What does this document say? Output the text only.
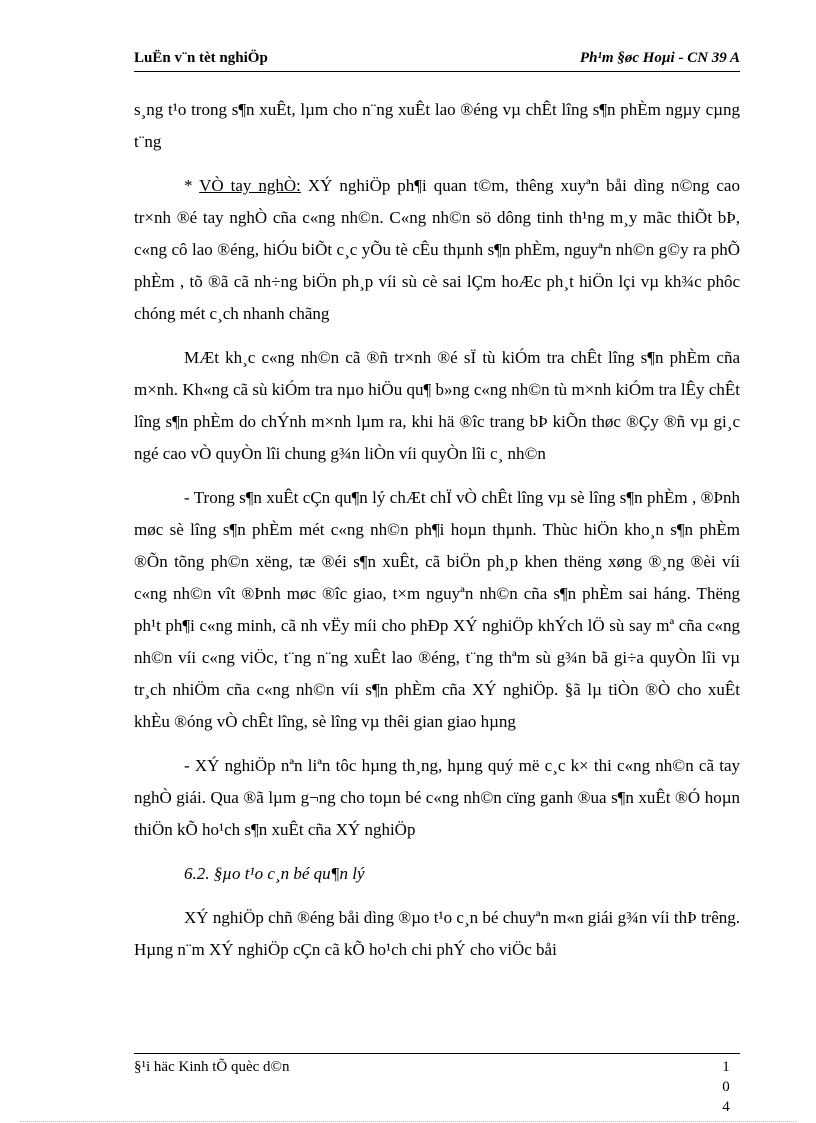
LuËn v¨n tèt nghiÖp	Ph¹m §øc Hoµi - CN 39 A

s¸ng t¹o trong s¶n xuÊt, lµm cho n¨ng xuÊt lao ®éng vµ chÊt lîng s¶n phÈm ngµy cµng t¨ng

* VÒ tay nghÒ: XÝ nghiÖp ph¶i quan t©m, thêng xuyªn båi dìng n©ng cao tr×nh ®é tay nghÒ cña c«ng nh©n. C«ng nh©n sö dông tinh th¹ng m¸y mãc thiÕt bÞ, c«ng cô lao ®éng, hiÓu biÕt c¸c yÕu tè cÊu thµnh s¶n phÈm, nguyªn nh©n g©y ra phÕ phÈm , tõ ®ã cã nh÷ng biÖn ph¸p víi sù cè sai lÇm hoÆc ph¸t hiÖn lçi vµ kh¾c phôc chóng mét c¸ch nhanh chãng

MÆt kh¸c c«ng nh©n cã ®ñ tr×nh ®é sÏ tù kiÓm tra chÊt lîng s¶n phÈm cña m×nh. Kh«ng cã sù kiÓm tra nµo hiÖu qu¶ b»ng c«ng nh©n tù m×nh kiÓm tra lÊy chÊt lîng s¶n phÈm do chÝnh m×nh lµm ra, khi hä ®îc trang bÞ kiÕn thøc ®Çy ®ñ vµ gi¸c ngé cao vÒ quyÒn lîi chung g¾n liÒn víi quyÒn lîi c¸ nh©n

- Trong s¶n xuÊt cÇn qu¶n lý chÆt chÏ vÒ chÊt lîng vµ sè lîng s¶n phÈm , ®Þnh møc sè lîng s¶n phÈm mét c«ng nh©n ph¶i hoµn thµnh. Thùc hiÖn kho¸n s¶n phÈm ®Õn tõng ph©n xëng, tæ ®éi s¶n xuÊt, cã biÖn ph¸p khen thëng xøng ®¸ng ®èi víi c«ng nh©n vît ®Þnh møc ®îc giao, t×m nguyªn nh©n cña s¶n phÈm sai háng. Thëng ph¹t ph¶i c«ng minh, cã nh vËy míi cho phÐp XÝ nghiÖp khÝch lÖ sù say mª cña c«ng nh©n víi c«ng viÖc, t¨ng n¨ng xuÊt lao ®éng, t¨ng thªm sù g¾n bã gi÷a quyÒn lîi vµ tr¸ch nhiÖm cña c«ng nh©n víi s¶n phÈm cña XÝ nghiÖp. §ã lµ tiÒn ®Ò cho xuÊt khÈu ®óng vÒ chÊt lîng, sè lîng vµ thêi gian giao hµng

- XÝ nghiÖp nªn liªn tôc hµng th¸ng, hµng quý më c¸c k× thi c«ng nh©n cã tay nghÒ giái. Qua ®ã lµm g¬ng cho toµn bé c«ng nh©n cïng ganh ®ua s¶n xuÊt ®Ó hoµn thiÖn kÕ ho¹ch s¶n xuÊt cña XÝ nghiÖp

6.2. §µo t¹o c¸n bé qu¶n lý

XÝ nghiÖp chñ ®éng båi dìng ®µo t¹o c¸n bé chuyªn m«n giái g¾n víi thÞ trêng. Hµng n¨m XÝ nghiÖp cÇn cã kÕ ho¹ch chi phÝ cho viÖc båi

§¹i häc Kinh tÕ quèc d©n	1
0
4
